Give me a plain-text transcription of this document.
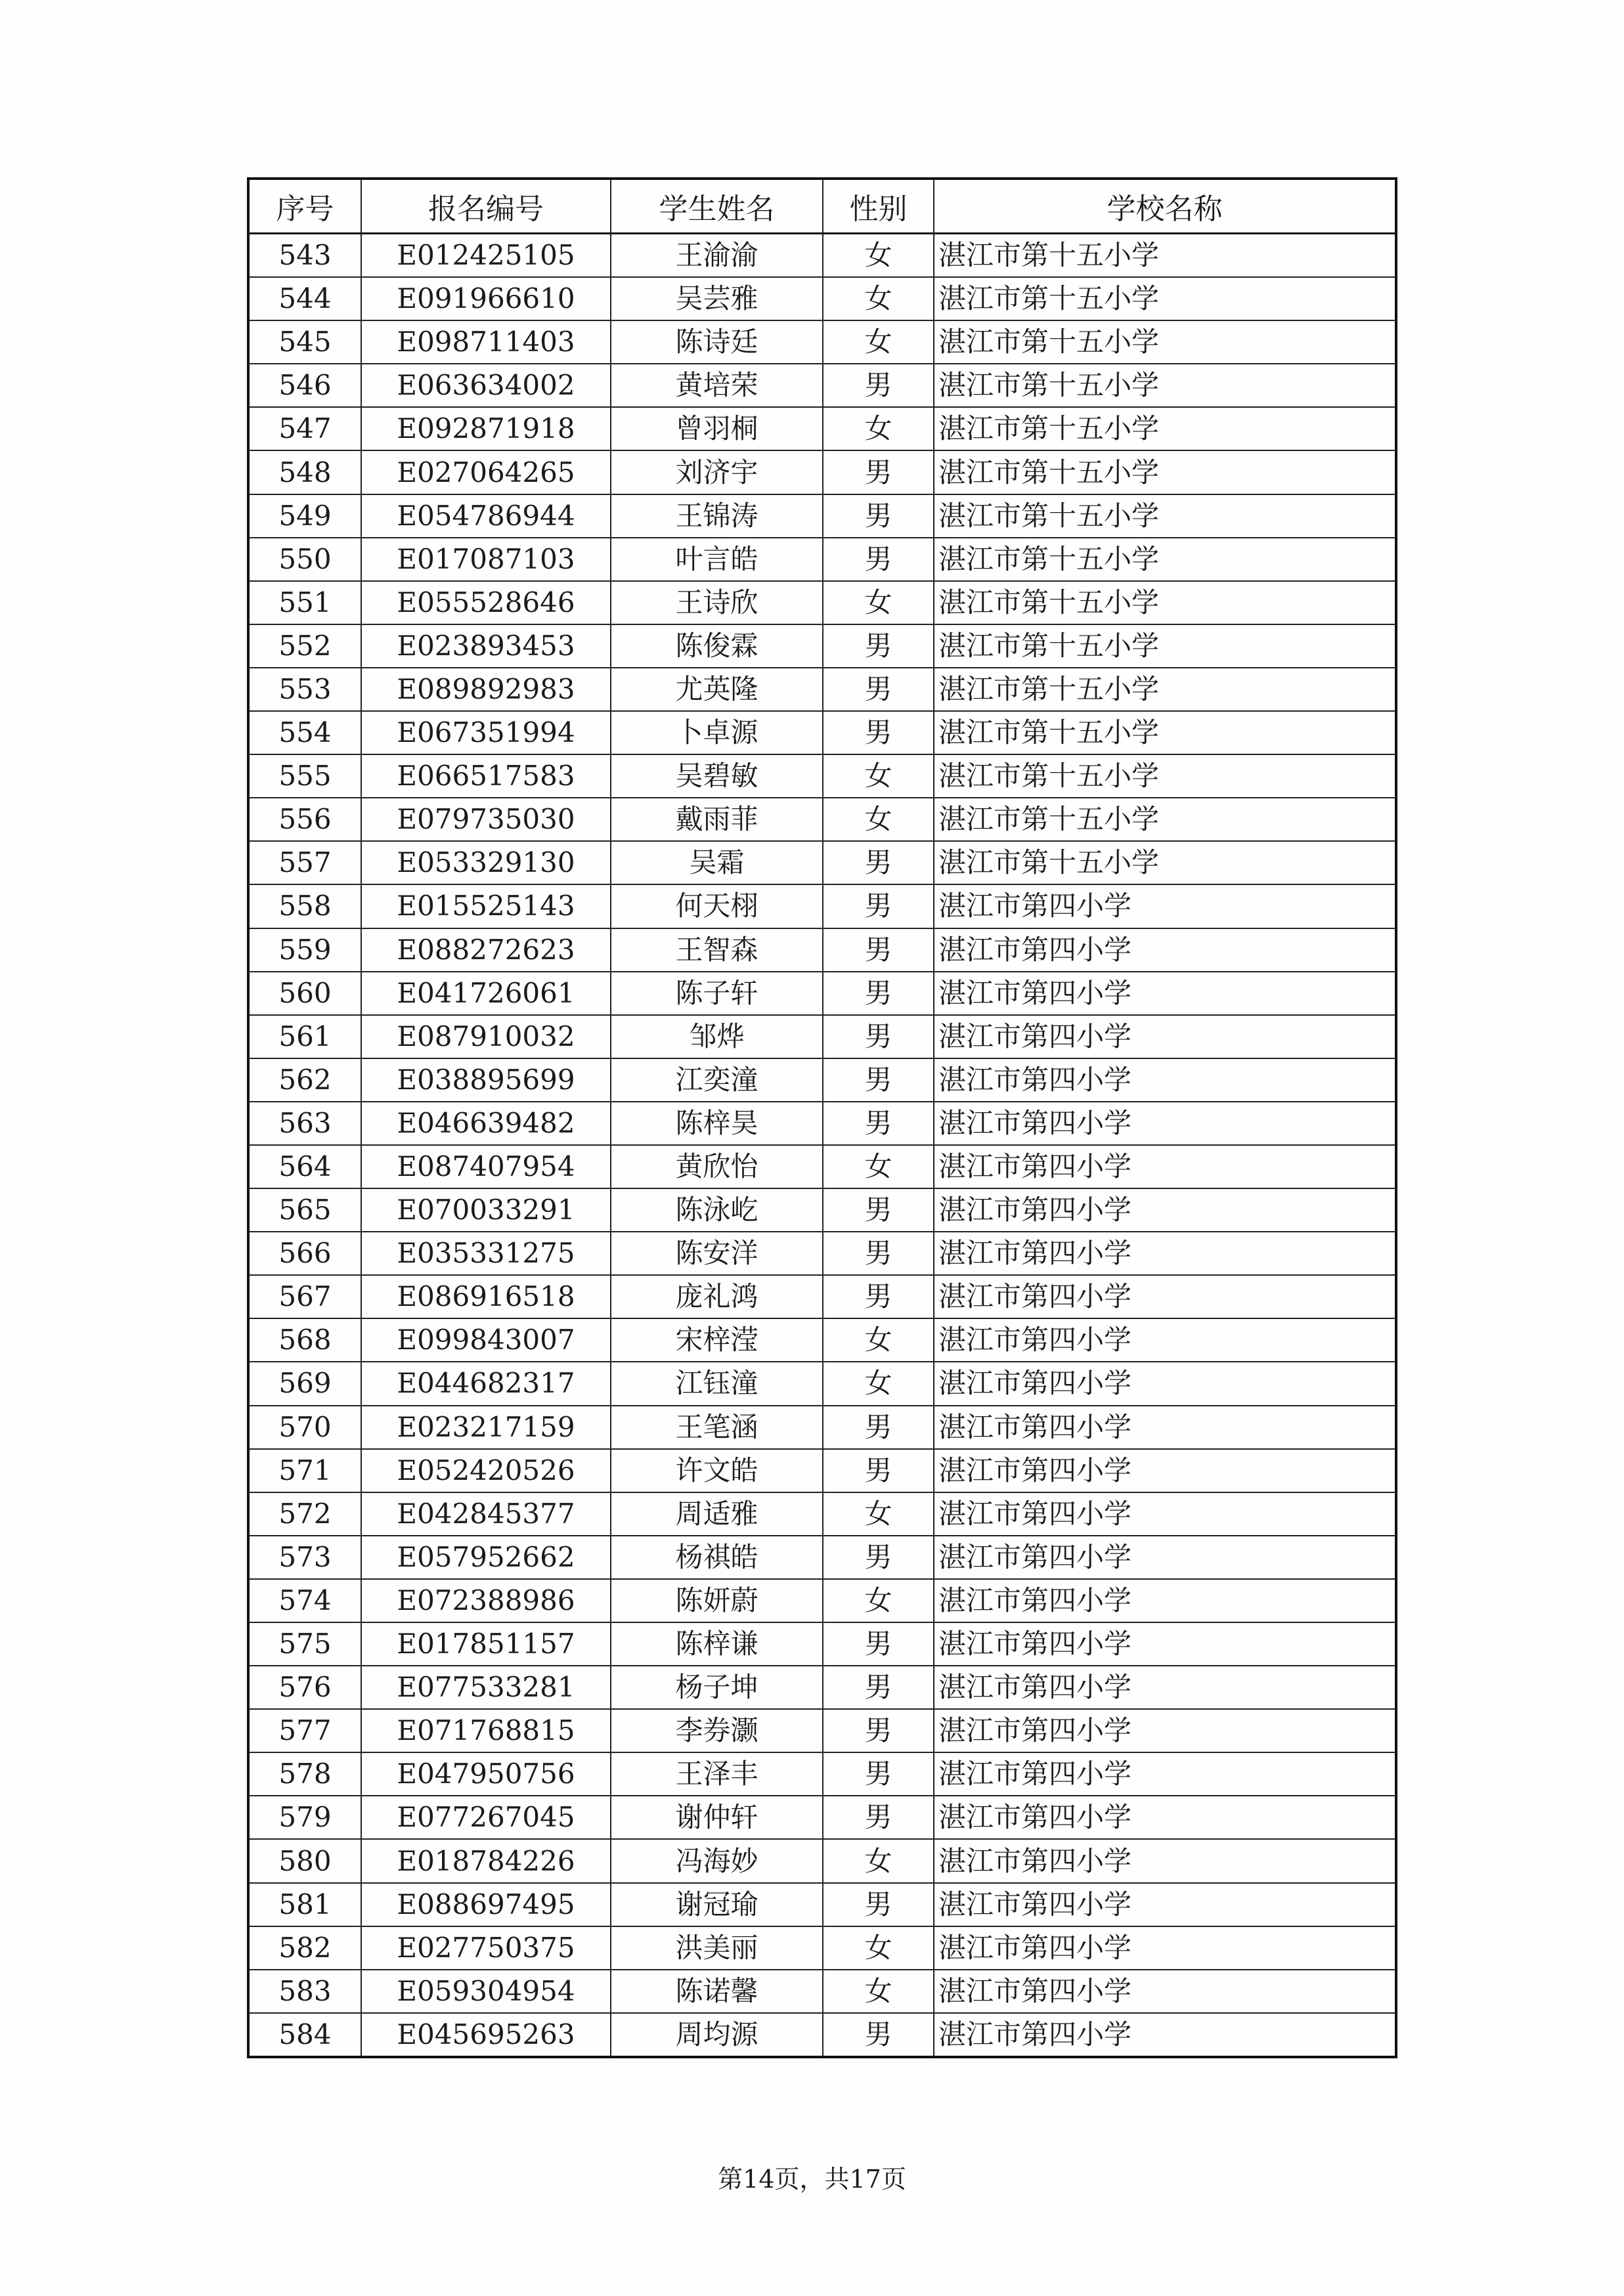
序号	报名编号	学生姓名	性别	学校名称
543	E012425105	王渝渝	女	湛江市第十五小学
544	E091966610	吴芸雅	女	湛江市第十五小学
545	E098711403	陈诗廷	女	湛江市第十五小学
546	E063634002	黄培荣	男	湛江市第十五小学
547	E092871918	曾羽桐	女	湛江市第十五小学
548	E027064265	刘济宇	男	湛江市第十五小学
549	E054786944	王锦涛	男	湛江市第十五小学
550	E017087103	叶言皓	男	湛江市第十五小学
551	E055528646	王诗欣	女	湛江市第十五小学
552	E023893453	陈俊霖	男	湛江市第十五小学
553	E089892983	尤英隆	男	湛江市第十五小学
554	E067351994	卜卓源	男	湛江市第十五小学
555	E066517583	吴碧敏	女	湛江市第十五小学
556	E079735030	戴雨菲	女	湛江市第十五小学
557	E053329130	吴霜	男	湛江市第十五小学
558	E015525143	何天栩	男	湛江市第四小学
559	E088272623	王智森	男	湛江市第四小学
560	E041726061	陈子轩	男	湛江市第四小学
561	E087910032	邹烨	男	湛江市第四小学
562	E038895699	江奕潼	男	湛江市第四小学
563	E046639482	陈梓昊	男	湛江市第四小学
564	E087407954	黄欣怡	女	湛江市第四小学
565	E070033291	陈泳屹	男	湛江市第四小学
566	E035331275	陈安洋	男	湛江市第四小学
567	E086916518	庞礼鸿	男	湛江市第四小学
568	E099843007	宋梓滢	女	湛江市第四小学
569	E044682317	江钰潼	女	湛江市第四小学
570	E023217159	王笔涵	男	湛江市第四小学
571	E052420526	许文皓	男	湛江市第四小学
572	E042845377	周适雅	女	湛江市第四小学
573	E057952662	杨祺皓	男	湛江市第四小学
574	E072388986	陈妍蔚	女	湛江市第四小学
575	E017851157	陈梓谦	男	湛江市第四小学
576	E077533281	杨子坤	男	湛江市第四小学
577	E071768815	李券灏	男	湛江市第四小学
578	E047950756	王泽丰	男	湛江市第四小学
579	E077267045	谢仲轩	男	湛江市第四小学
580	E018784226	冯海妙	女	湛江市第四小学
581	E088697495	谢冠瑜	男	湛江市第四小学
582	E027750375	洪美丽	女	湛江市第四小学
583	E059304954	陈诺馨	女	湛江市第四小学
584	E045695263	周均源	男	湛江市第四小学
第14页，共17页
